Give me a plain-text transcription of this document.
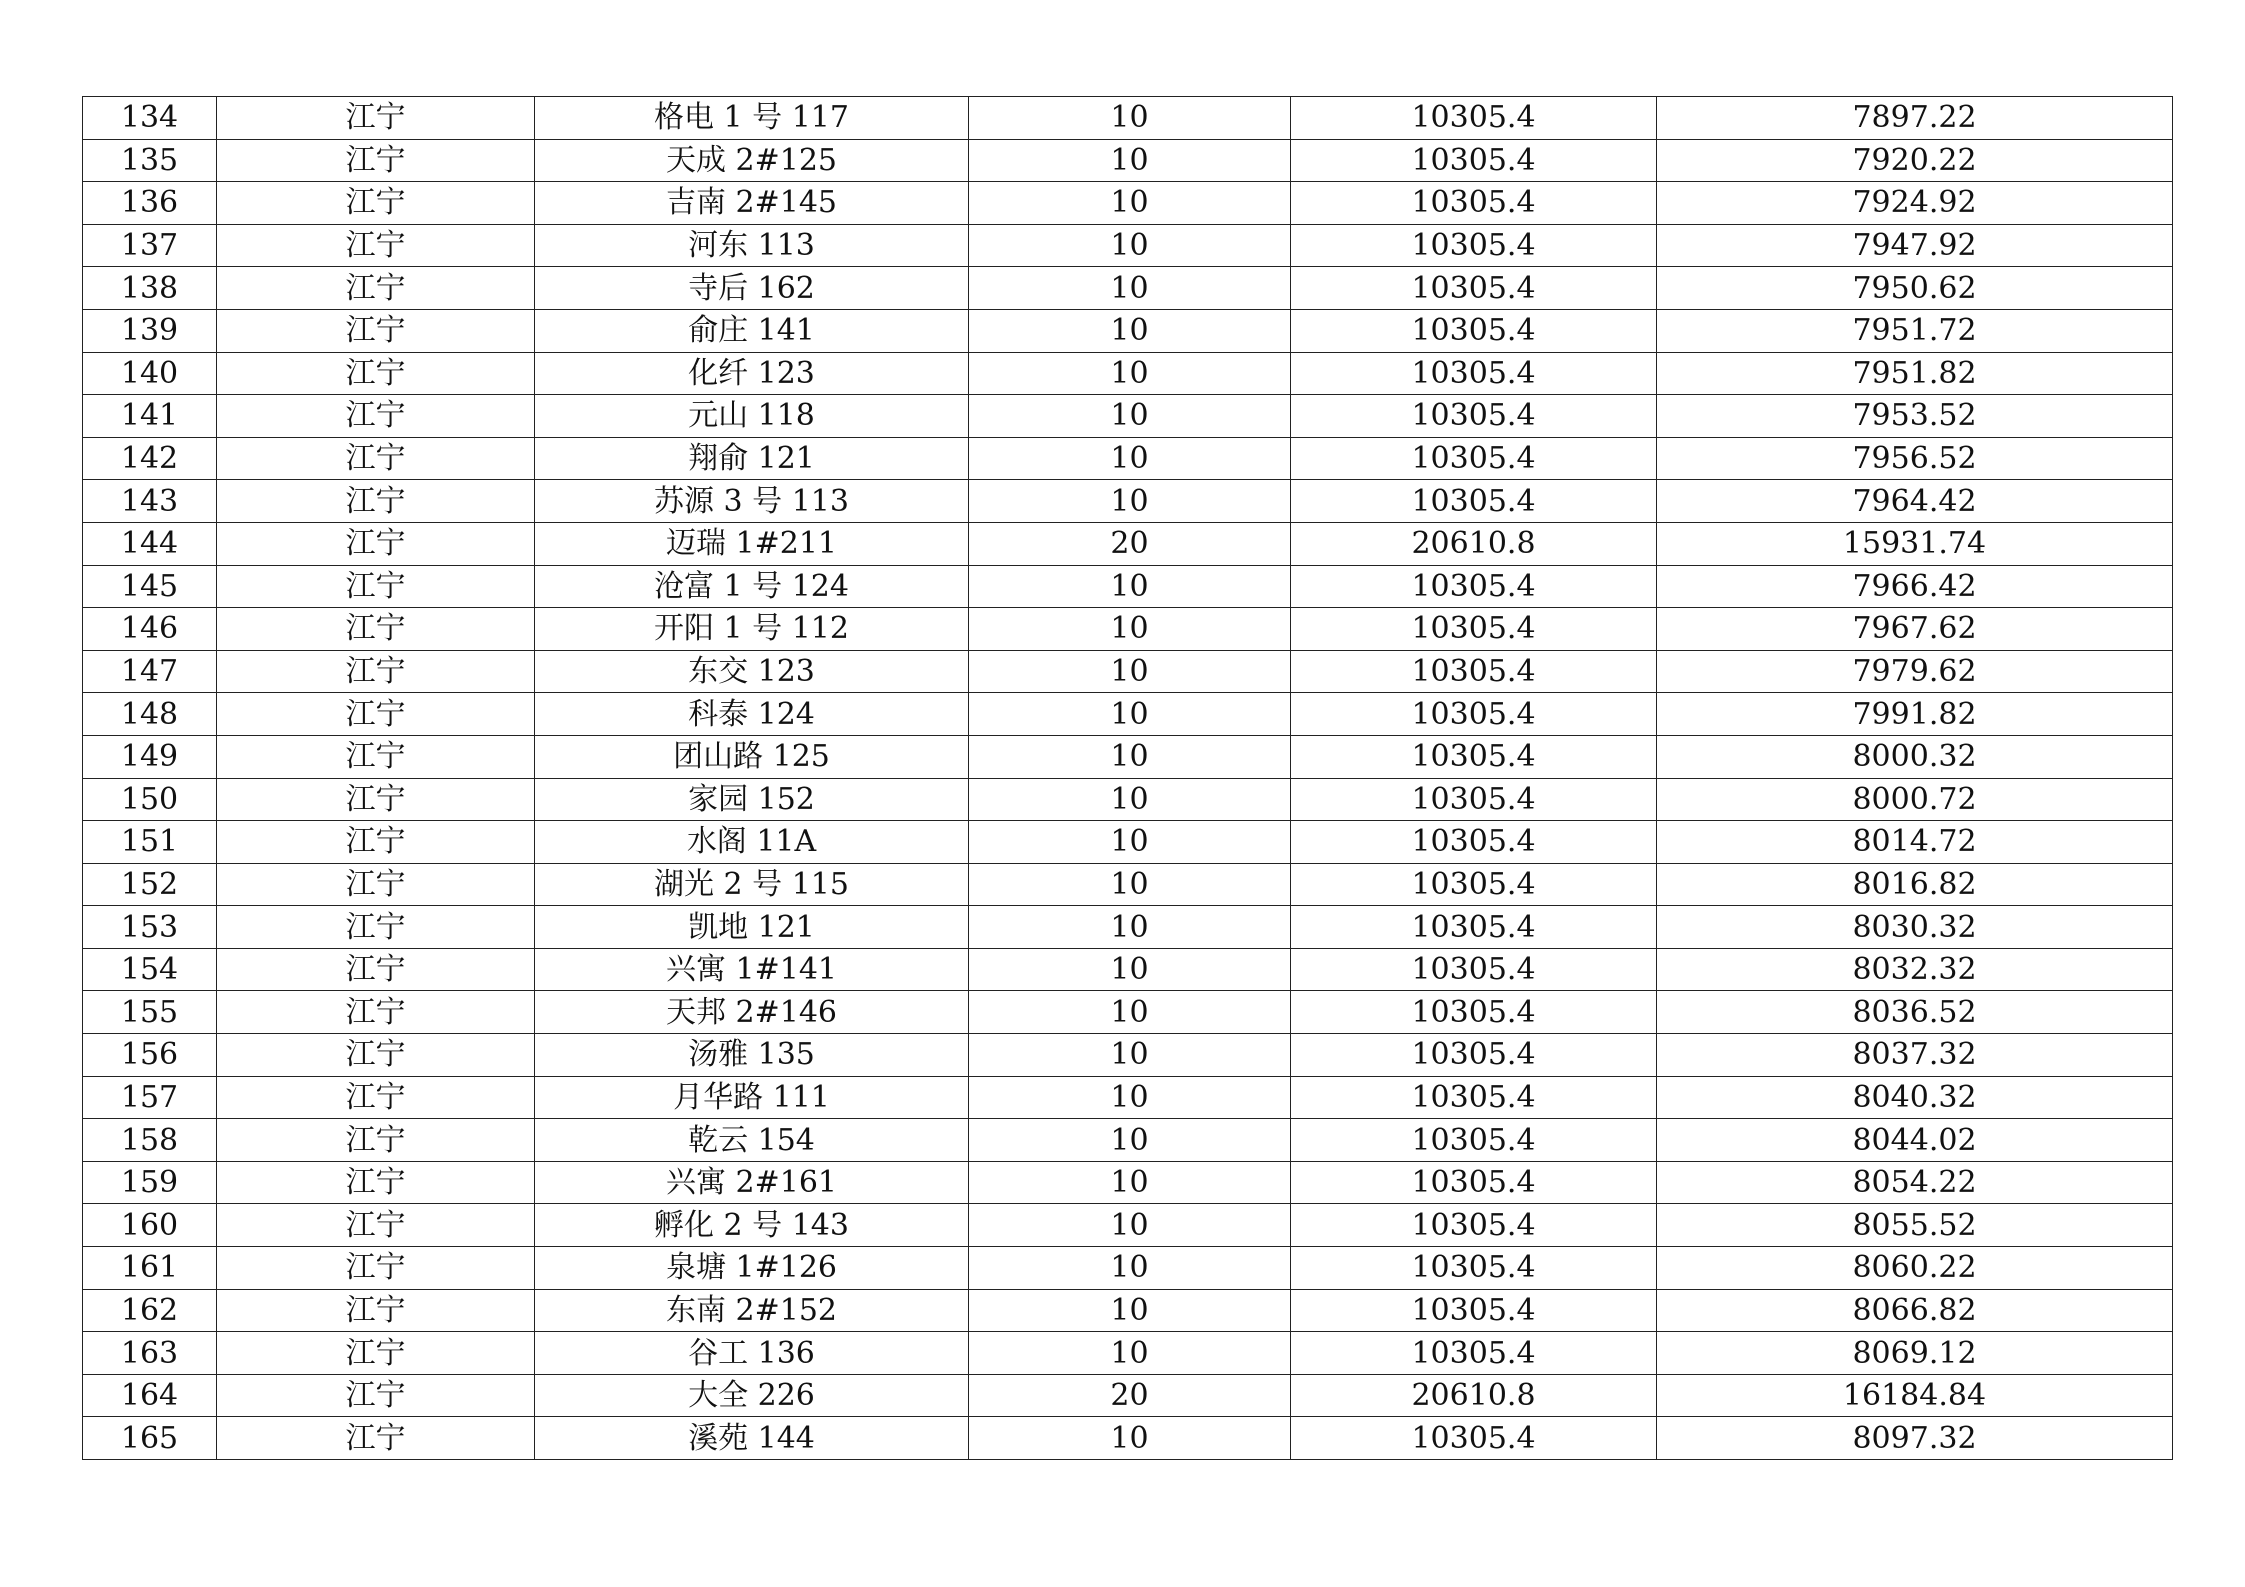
134	江宁	格电 1 号 117	10	10305.4	7897.22
135	江宁	天成 2#125	10	10305.4	7920.22
136	江宁	吉南 2#145	10	10305.4	7924.92
137	江宁	河东 113	10	10305.4	7947.92
138	江宁	寺后 162	10	10305.4	7950.62
139	江宁	俞庄 141	10	10305.4	7951.72
140	江宁	化纤 123	10	10305.4	7951.82
141	江宁	元山 118	10	10305.4	7953.52
142	江宁	翔俞 121	10	10305.4	7956.52
143	江宁	苏源 3 号 113	10	10305.4	7964.42
144	江宁	迈瑞 1#211	20	20610.8	15931.74
145	江宁	沧富 1 号 124	10	10305.4	7966.42
146	江宁	开阳 1 号 112	10	10305.4	7967.62
147	江宁	东交 123	10	10305.4	7979.62
148	江宁	科泰 124	10	10305.4	7991.82
149	江宁	团山路 125	10	10305.4	8000.32
150	江宁	家园 152	10	10305.4	8000.72
151	江宁	水阁 11A	10	10305.4	8014.72
152	江宁	湖光 2 号 115	10	10305.4	8016.82
153	江宁	凯地 121	10	10305.4	8030.32
154	江宁	兴寓 1#141	10	10305.4	8032.32
155	江宁	天邦 2#146	10	10305.4	8036.52
156	江宁	汤雅 135	10	10305.4	8037.32
157	江宁	月华路 111	10	10305.4	8040.32
158	江宁	乾云 154	10	10305.4	8044.02
159	江宁	兴寓 2#161	10	10305.4	8054.22
160	江宁	孵化 2 号 143	10	10305.4	8055.52
161	江宁	泉塘 1#126	10	10305.4	8060.22
162	江宁	东南 2#152	10	10305.4	8066.82
163	江宁	谷工 136	10	10305.4	8069.12
164	江宁	大全 226	20	20610.8	16184.84
165	江宁	溪苑 144	10	10305.4	8097.32
